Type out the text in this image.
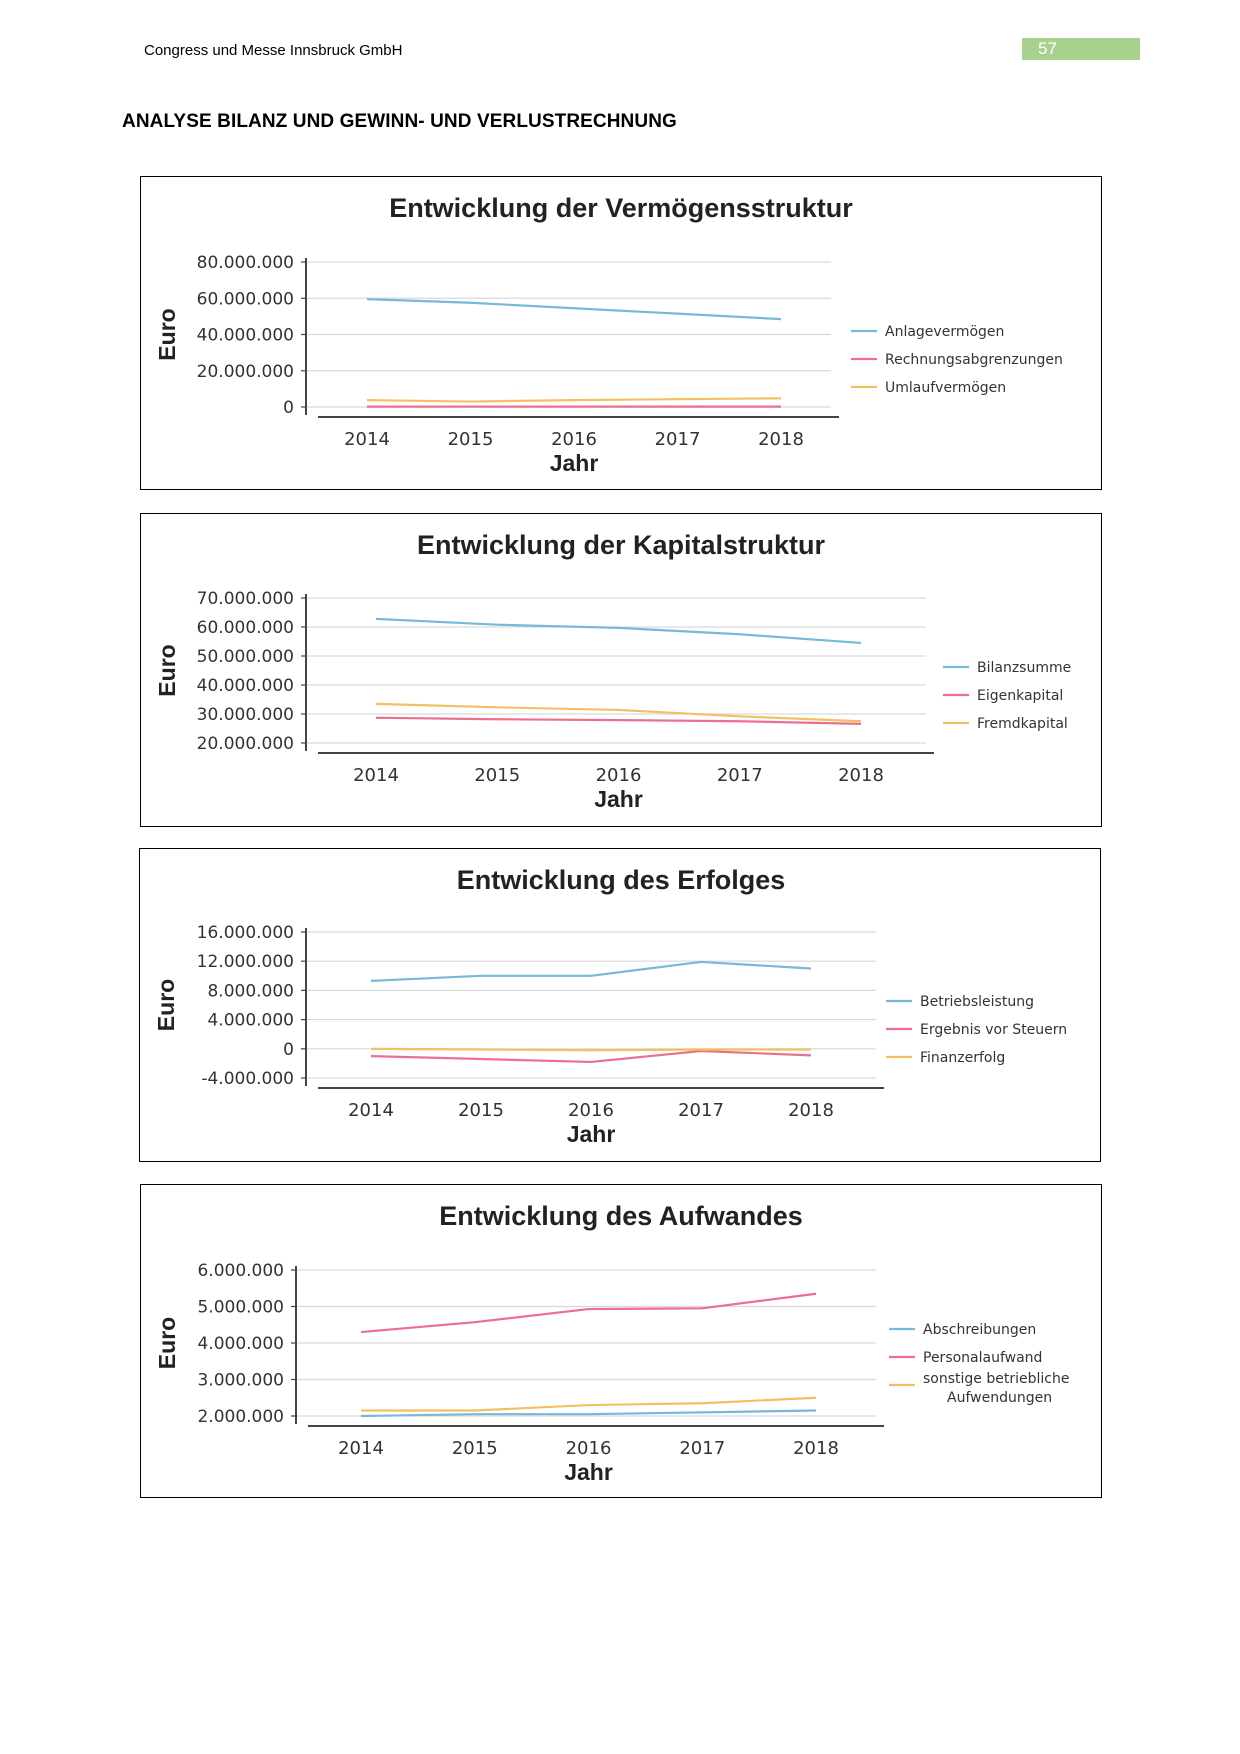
Congress und Messe Innsbruck GmbH	57
ANALYSE BILANZ UND GEWINN- UND VERLUSTRECHNUNG
Entwicklung der Vermögensstruktur
0
20.000.000
40.000.000
60.000.000
80.000.000
2014	2015	2016	2017	2018
Jahr
Euro	Anlagevermögen
Rechnungsabgrenzungen
Umlaufvermögen
Entwicklung der Kapitalstruktur
20.000.000
30.000.000
40.000.000
50.000.000
60.000.000
70.000.000
2014	2015	2016	2017	2018
Jahr
Euro	Bilanzsumme
Eigenkapital
Fremdkapital
Entwicklung des Erfolges
-4.000.000
0
4.000.000
8.000.000
12.000.000
16.000.000
2014	2015	2016	2017	2018
Jahr
Euro	Betriebsleistung
Ergebnis vor Steuern
Finanzerfolg
Entwicklung des Aufwandes
2.000.000
3.000.000
4.000.000
5.000.000
6.000.000
2014	2015	2016	2017	2018
Jahr
Euro	Abschreibungen
Personalaufwand
sonstige betriebliche
Aufwendungen
